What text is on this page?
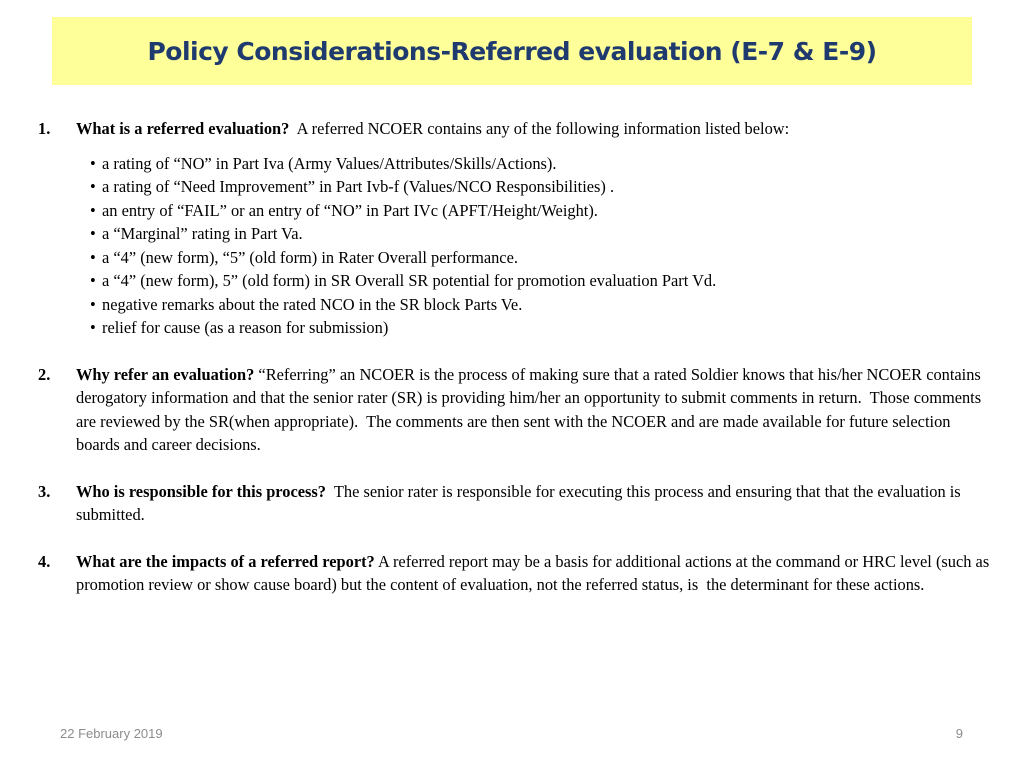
Policy Considerations-Referred evaluation (E-7 & E-9)
1. What is a referred evaluation?  A referred NCOER contains any of the following information listed below:
• a rating of “NO” in Part Iva (Army Values/Attributes/Skills/Actions).
• a rating of “Need Improvement” in Part Ivb-f (Values/NCO Responsibilities) .
• an entry of “FAIL” or an entry of “NO” in Part IVc (APFT/Height/Weight).
• a “Marginal” rating in Part Va.
• a “4” (new form), “5” (old form) in Rater Overall performance.
• a “4” (new form), 5” (old form) in SR Overall SR potential for promotion evaluation Part Vd.
• negative remarks about the rated NCO in the SR block Parts Ve.
• relief for cause (as a reason for submission)
2. Why refer an evaluation? “Referring” an NCOER is the process of making sure that a rated Soldier knows that his/her NCOER contains derogatory information and that the senior rater (SR) is providing him/her an opportunity to submit comments in return.  Those comments are reviewed by the SR(when appropriate).  The comments are then sent with the NCOER and are made available for future selection boards and career decisions.
3. Who is responsible for this process?  The senior rater is responsible for executing this process and ensuring that that the evaluation is submitted.
4. What are the impacts of a referred report? A referred report may be a basis for additional actions at the command or HRC level (such as promotion review or show cause board) but the content of evaluation, not the referred status, is  the determinant for these actions.
22 February 2019	9
